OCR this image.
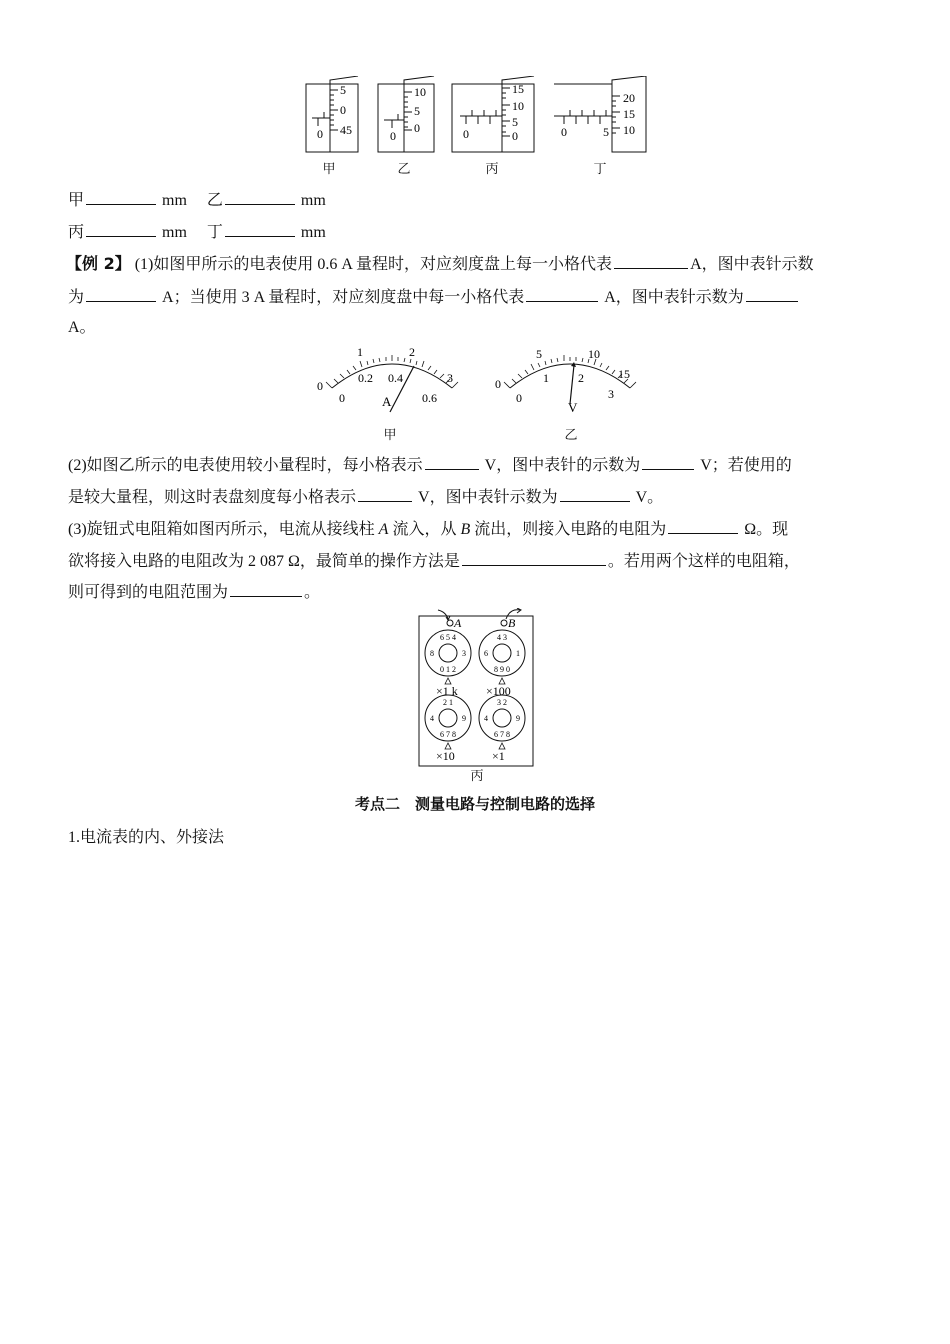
5
0
45
0
10
5
0
0
15
10
5
0
0
20
15
10
0	5
甲	乙	丙	丁
甲	mm  乙	mm
丙	mm  丁	mm
【例 2】 (1)如图甲所示的电表使用 0.6 A 量程时，对应刻度盘上每一小格代表	A，图中表针示数
为	A；当使用 3 A 量程时，对应刻度盘中每一小格代表	A，图中表针示数为
A。
0
1	2
3
0
0.2 0.4
0.6
A
0
5	10
15
0
1 2
3
V
甲	乙
(2)如图乙所示的电表使用较小量程时，每小格表示	V，图中表针的示数为	V；若使用的
是较大量程，则这时表盘刻度每小格表示	V，图中表针示数为	V。
(3)旋钮式电阻箱如图丙所示，电流从接线柱 A 流入，从 B 流出，则接入电路的电阻为	Ω。现
欲将接入电路的电阻改为 2 087 Ω，最简单的操作方法是	。若用两个这样的电阻箱，
则可得到的电阻范围为	。
A	B
0 1 2
6 5 4
8	3
8 9 0
4 3
6	1
6 7 8
2 1
4	9
6 7 8
3 2
4	9
×1 k ×100
×10	×1
丙
考点二　测量电路与控制电路的选择
1.电流表的内、外接法
